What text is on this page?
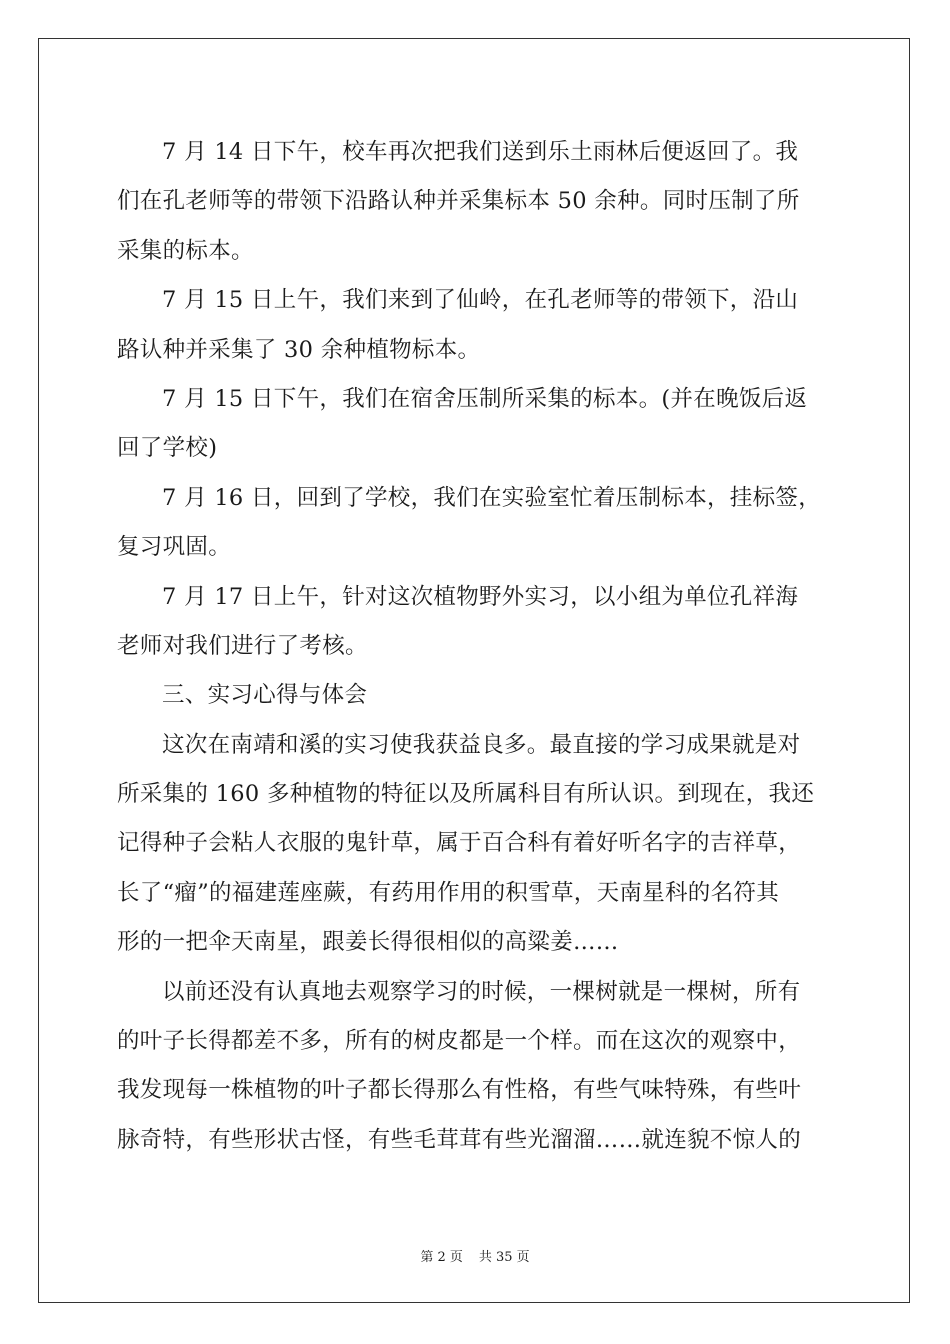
7 月 14 日下午，校车再次把我们送到乐土雨林后便返回了。我
们在孔老师等的带领下沿路认种并采集标本 50 余种。同时压制了所
采集的标本。
7 月 15 日上午，我们来到了仙岭，在孔老师等的带领下，沿山
路认种并采集了 30 余种植物标本。
7 月 15 日下午，我们在宿舍压制所采集的标本。(并在晚饭后返
回了学校)
7 月 16 日，回到了学校，我们在实验室忙着压制标本，挂标签，
复习巩固。
7 月 17 日上午，针对这次植物野外实习，以小组为单位孔祥海
老师对我们进行了考核。
三、实习心得与体会
这次在南靖和溪的实习使我获益良多。最直接的学习成果就是对
所采集的 160 多种植物的特征以及所属科目有所认识。到现在，我还
记得种子会粘人衣服的鬼针草，属于百合科有着好听名字的吉祥草，
长了“瘤”的福建莲座蕨，有药用作用的积雪草，天南星科的名符其
形的一把伞天南星，跟姜长得很相似的高粱姜……
以前还没有认真地去观察学习的时候，一棵树就是一棵树，所有
的叶子长得都差不多，所有的树皮都是一个样。而在这次的观察中，
我发现每一株植物的叶子都长得那么有性格，有些气味特殊，有些叶
脉奇特，有些形状古怪，有些毛茸茸有些光溜溜……就连貌不惊人的
第 2 页 共 35 页
